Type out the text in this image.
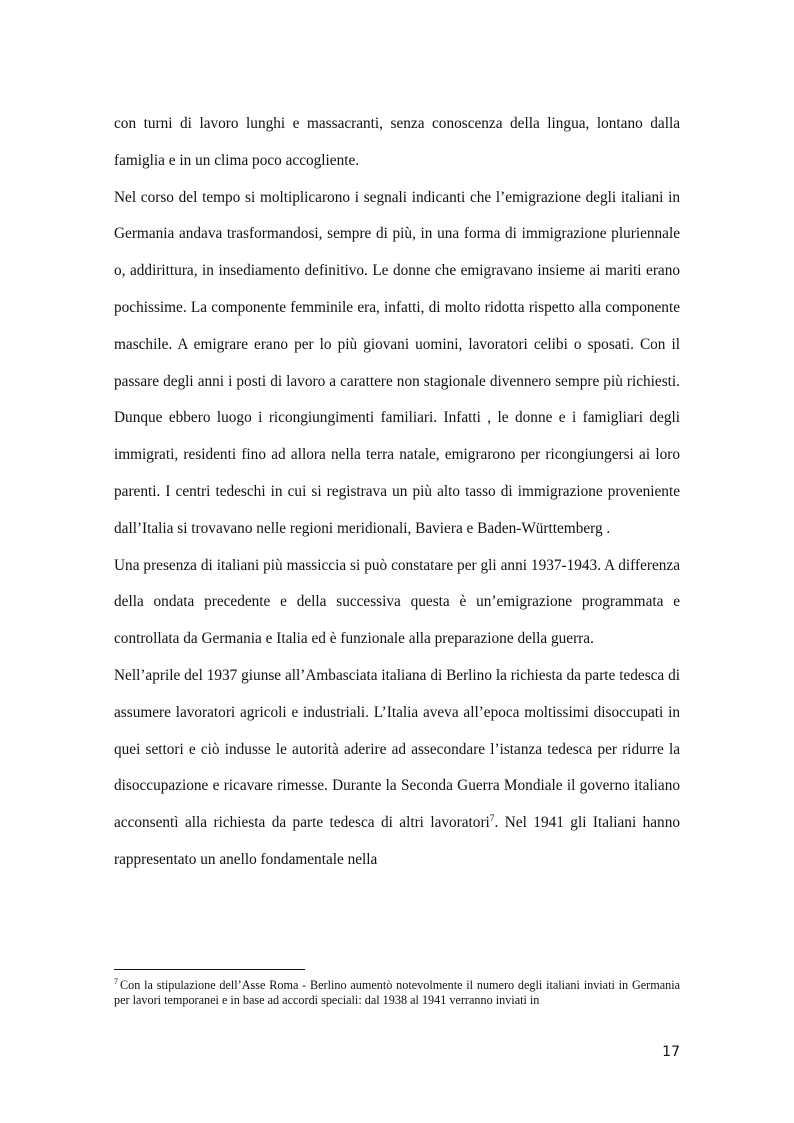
con turni di lavoro lunghi e massacranti, senza conoscenza della lingua, lontano dalla famiglia e in un clima poco accogliente.

Nel corso del tempo si moltiplicarono i segnali indicanti che l’emigrazione degli italiani in Germania andava trasformandosi, sempre di più, in una forma di immigrazione pluriennale o, addirittura, in insediamento definitivo. Le donne che emigravano insieme ai mariti erano pochissime. La componente femminile era, infatti, di molto ridotta rispetto alla componente maschile. A emigrare erano per lo più giovani uomini, lavoratori celibi o sposati. Con il passare degli anni i posti di lavoro a carattere non stagionale divennero sempre più richiesti. Dunque ebbero luogo i ricongiungimenti familiari. Infatti , le donne e i famigliari degli immigrati, residenti fino ad allora nella terra natale, emigrarono per ricongiungersi ai loro parenti. I centri tedeschi in cui si registrava un più alto tasso di immigrazione proveniente dall’Italia si trovavano nelle regioni meridionali, Baviera e Baden-Württemberg .

Una presenza di italiani più massiccia si può constatare per gli anni 1937-1943. A differenza della ondata precedente e della successiva questa è un’emigrazione programmata e controllata da Germania e Italia ed è funzionale alla preparazione della guerra.

Nell’aprile del 1937 giunse all’Ambasciata italiana di Berlino la richiesta da parte tedesca di assumere lavoratori agricoli e industriali. L’Italia aveva all’epoca moltissimi disoccupati in quei settori e ciò indusse le autorità aderire ad assecondare l’istanza tedesca per ridurre la disoccupazione e ricavare rimesse. Durante la Seconda Guerra Mondiale il governo italiano acconsentì alla richiesta da parte tedesca di altri lavoratori$^7$. Nel 1941 gli Italiani hanno rappresentato un anello fondamentale nella

$^7$ Con la stipulazione dell’Asse Roma - Berlino aumentò notevolmente il numero degli italiani inviati in Germania per lavori temporanei e in base ad accordi speciali: dal 1938 al 1941 verranno inviati in
17
